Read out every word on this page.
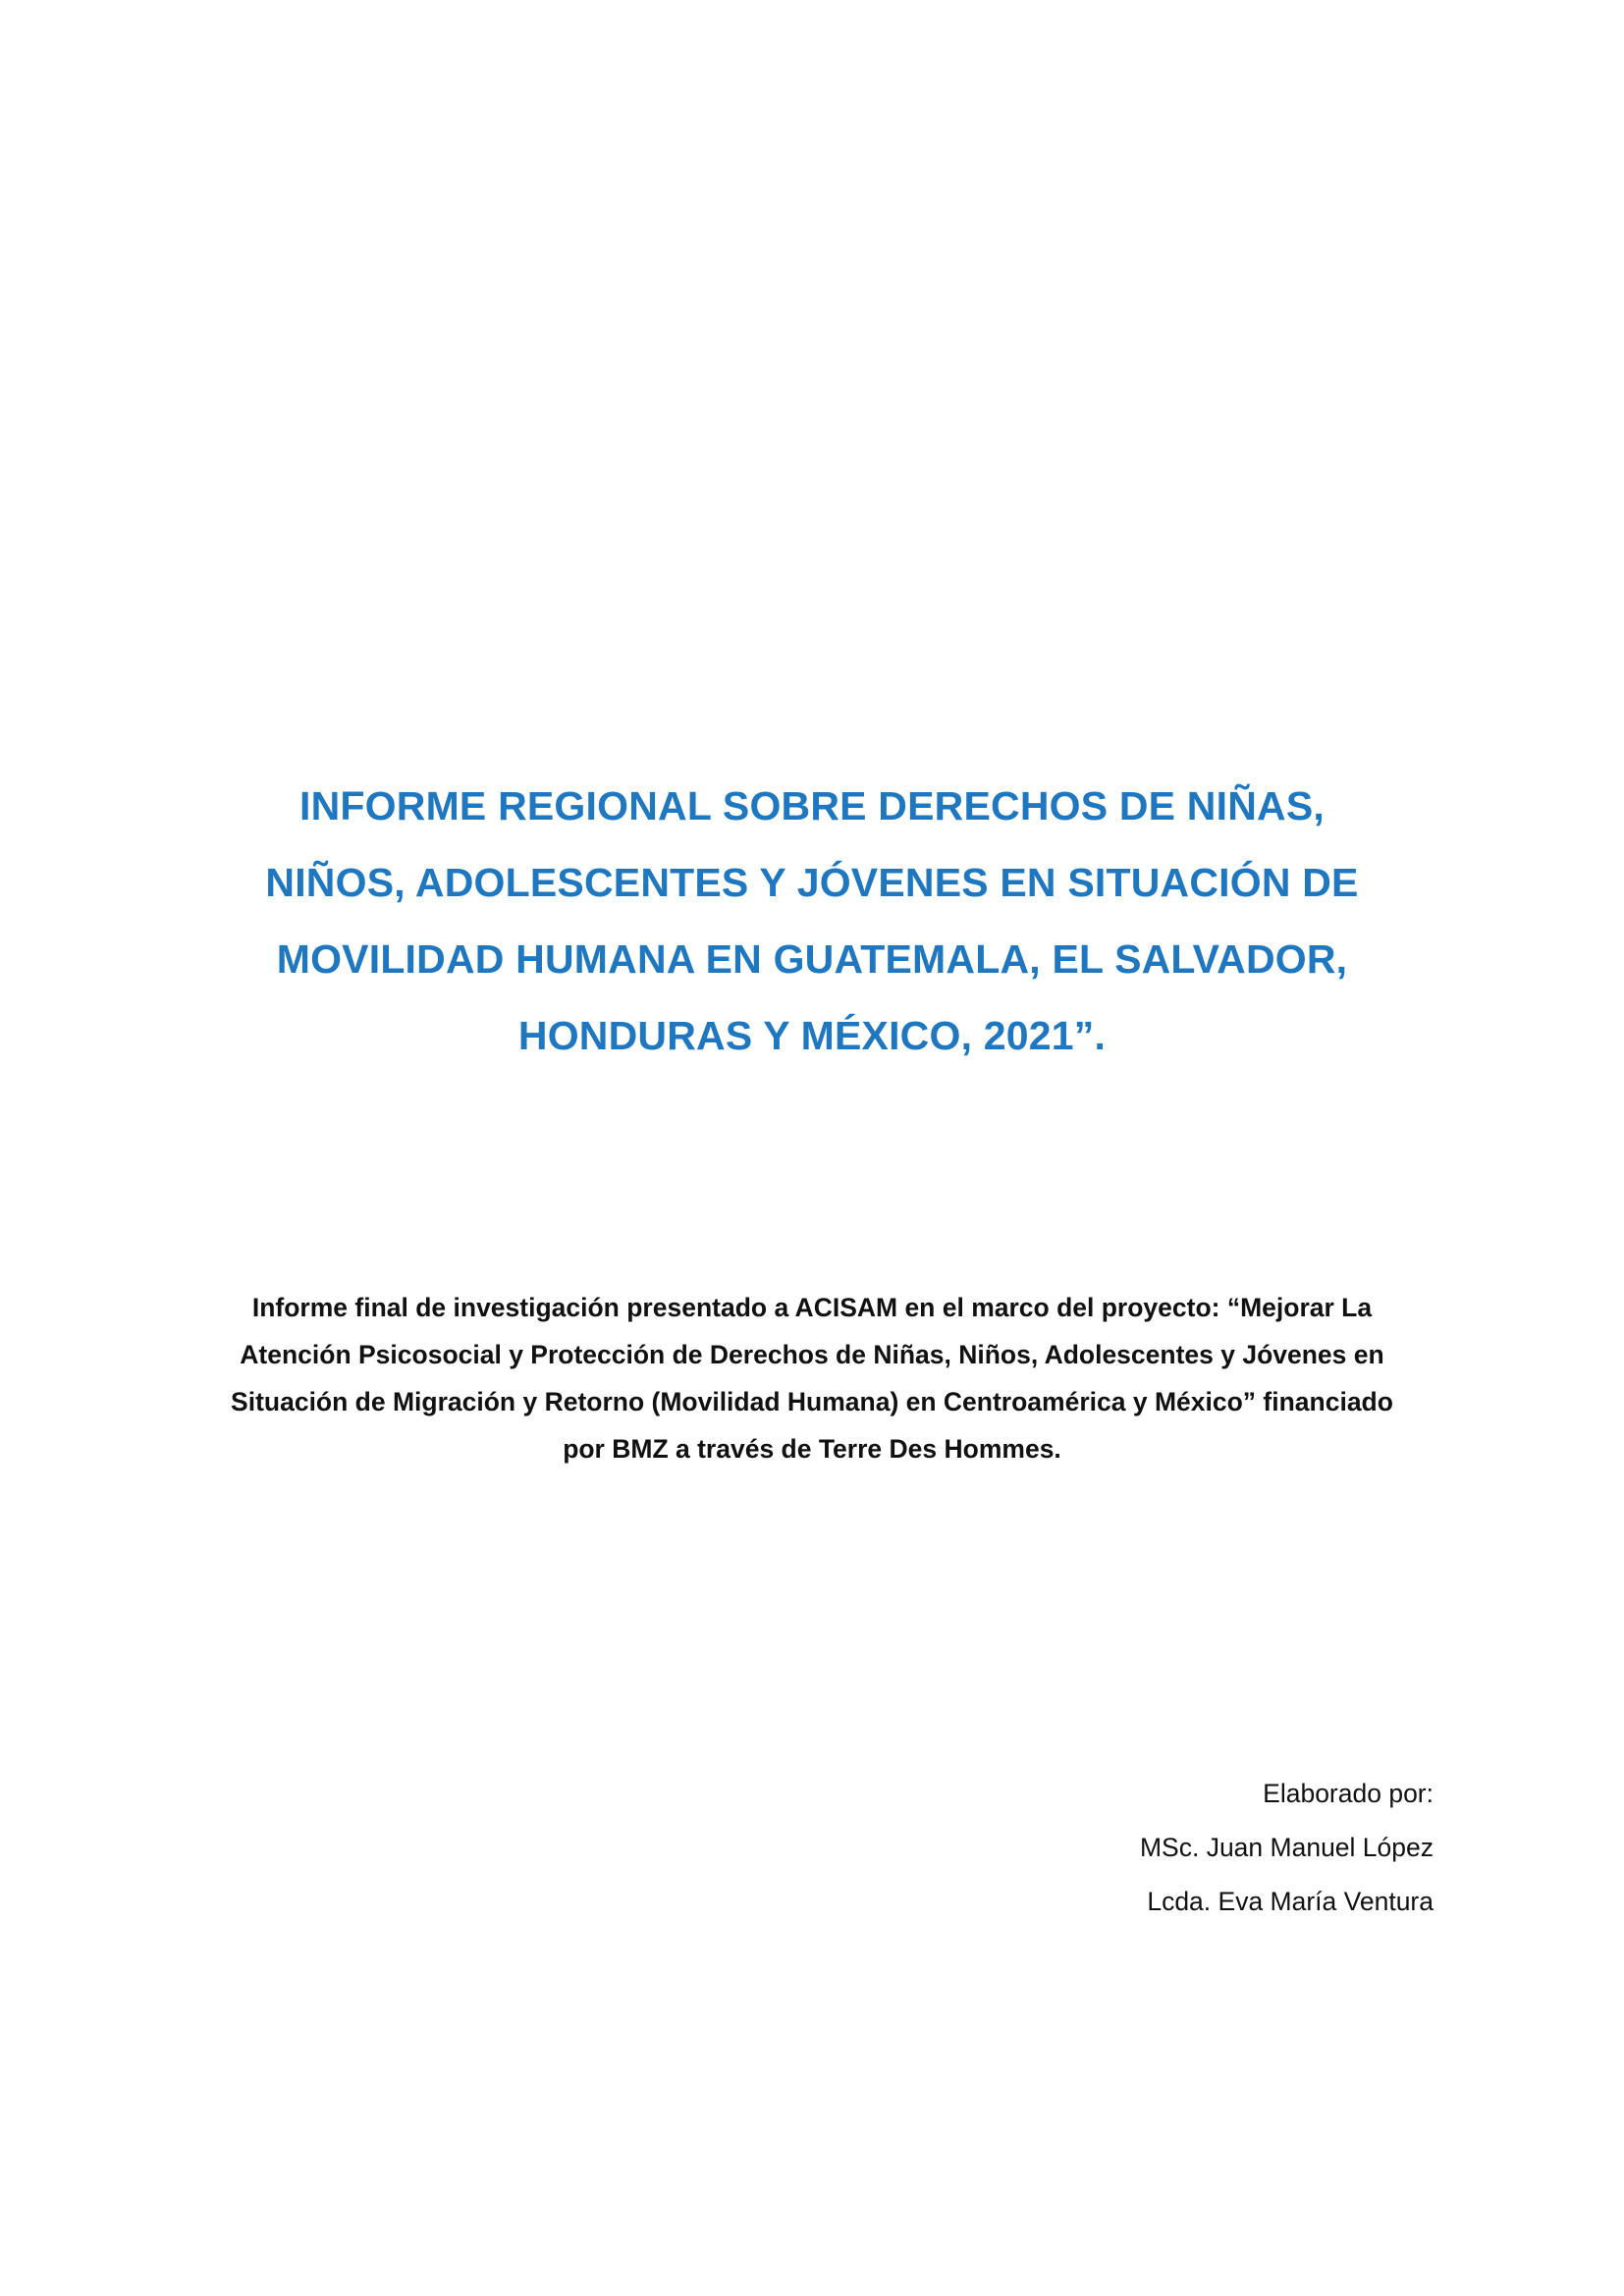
INFORME REGIONAL SOBRE DERECHOS DE NIÑAS,
NIÑOS, ADOLESCENTES Y JÓVENES EN SITUACIÓN DE
MOVILIDAD HUMANA EN GUATEMALA, EL SALVADOR,
HONDURAS Y MÉXICO, 2021”.
Informe final de investigación presentado a ACISAM en el marco del proyecto: “Mejorar La
Atención Psicosocial y Protección de Derechos de Niñas, Niños, Adolescentes y Jóvenes en
Situación de Migración y Retorno (Movilidad Humana) en Centroamérica y México” financiado
por BMZ a través de Terre Des Hommes.
Elaborado por:
MSc. Juan Manuel López
Lcda. Eva María Ventura
